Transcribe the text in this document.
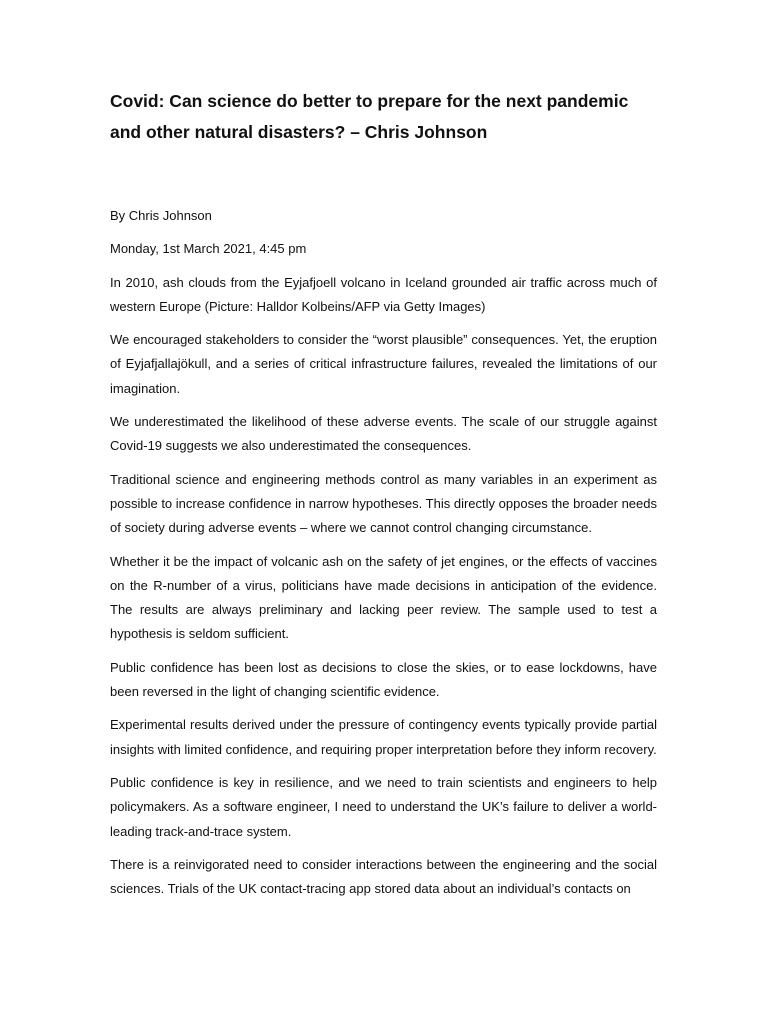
Covid: Can science do better to prepare for the next pandemic and other natural disasters? – Chris Johnson

By Chris Johnson

Monday, 1st March 2021, 4:45 pm

In 2010, ash clouds from the Eyjafjoell volcano in Iceland grounded air traffic across much of western Europe (Picture: Halldor Kolbeins/AFP via Getty Images)

We encouraged stakeholders to consider the “worst plausible” consequences. Yet, the eruption of Eyjafjallajökull, and a series of critical infrastructure failures, revealed the limitations of our imagination.

We underestimated the likelihood of these adverse events. The scale of our struggle against Covid-19 suggests we also underestimated the consequences.

Traditional science and engineering methods control as many variables in an experiment as possible to increase confidence in narrow hypotheses. This directly opposes the broader needs of society during adverse events – where we cannot control changing circumstance.

Whether it be the impact of volcanic ash on the safety of jet engines, or the effects of vaccines on the R-number of a virus, politicians have made decisions in anticipation of the evidence. The results are always preliminary and lacking peer review. The sample used to test a hypothesis is seldom sufficient.

Public confidence has been lost as decisions to close the skies, or to ease lockdowns, have been reversed in the light of changing scientific evidence.

Experimental results derived under the pressure of contingency events typically provide partial insights with limited confidence, and requiring proper interpretation before they inform recovery.

Public confidence is key in resilience, and we need to train scientists and engineers to help policymakers. As a software engineer, I need to understand the UK’s failure to deliver a world-leading track-and-trace system.

There is a reinvigorated need to consider interactions between the engineering and the social sciences. Trials of the UK contact-tracing app stored data about an individual’s contacts on
